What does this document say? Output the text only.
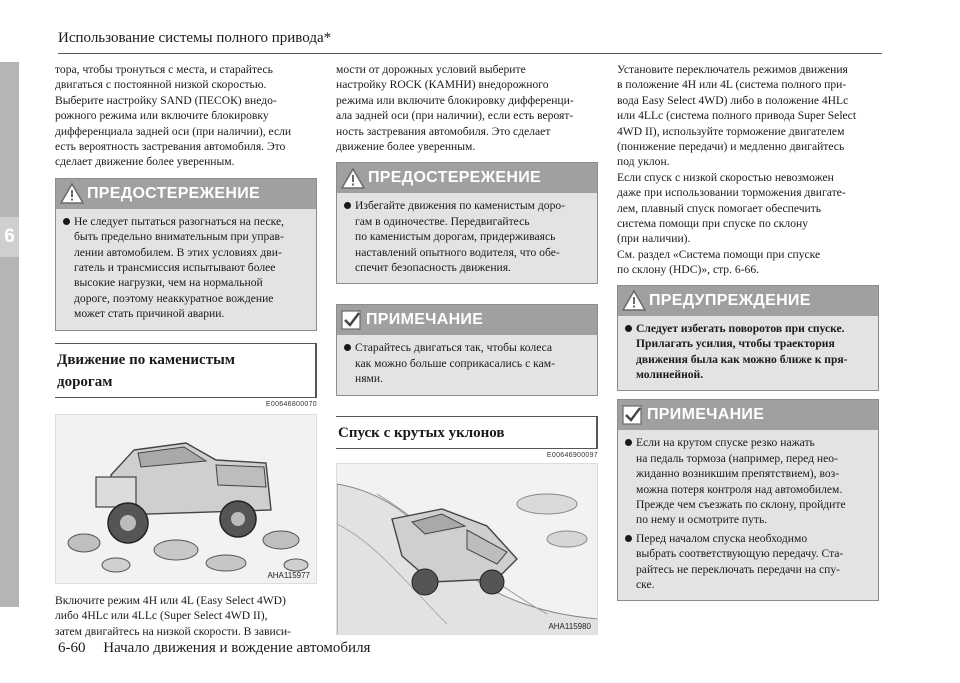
6
Использование системы полного привода*

тора, чтобы тронуться с места, и старайтесь
двигаться с постоянной низкой скоростью.
Выберите настройку SAND (ПЕСОК) внедо-
рожного режима или включите блокировку
дифференциала задней оси (при наличии), если
есть вероятность застревания автомобиля. Это
сделает движение более уверенным.

ПРЕДОСТЕРЕЖЕНИЕ
Не следует пытаться разогнаться на песке,
быть предельно внимательным при управ-
лении автомобилем. В этих условиях дви-
гатель и трансмиссия испытывают более
высокие нагрузки, чем на нормальной
дороге, поэтому неаккуратное вождение
может стать причиной аварии.
Движение по каменистым
дорогам
E00646800070
AHA115977

Включите режим 4H или 4L (Easy Select 4WD)
либо 4HLc или 4LLc (Super Select 4WD II),
затем двигайтесь на низкой скорости. В зависи-

мости от дорожных условий выберите
настройку ROCK (КАМНИ) внедорожного
режима или включите блокировку дифференци-
ала задней оси (при наличии), если есть вероят-
ность застревания автомобиля. Это сделает
движение более уверенным.

ПРЕДОСТЕРЕЖЕНИЕ
Избегайте движения по каменистым доро-
гам в одиночестве. Передвигайтесь
по каменистым дорогам, придерживаясь
наставлений опытного водителя, что обе-
спечит безопасность движения.
ПРИМЕЧАНИЕ
Старайтесь двигаться так, чтобы колеса
как можно больше соприкасались с кам-
нями.
Спуск с крутых уклонов
E00646900097
AHA115980

Установите переключатель режимов движения
в положение 4H или 4L (система полного при-
вода Easy Select 4WD) либо в положение 4HLc
или 4LLc (система полного привода Super Select
4WD II), используйте торможение двигателем
(понижение передачи) и медленно двигайтесь
под уклон.
Если спуск с низкой скоростью невозможен
даже при использовании торможения двигате-
лем, плавный спуск помогает обеспечить
система помощи при спуске по склону
(при наличии).
См. раздел «Система помощи при спуске
по склону (HDC)», стр. 6-66.

ПРЕДУПРЕЖДЕНИЕ
Следует избегать поворотов при спуске.
Прилагать усилия, чтобы траектория
движения была как можно ближе к пря-
молинейной.
ПРИМЕЧАНИЕ
Если на крутом спуске резко нажать
на педаль тормоза (например, перед нео-
жиданно возникшим препятствием), воз-
можна потеря контроля над автомобилем.
Прежде чем съезжать по склону, пройдите
по нему и осмотрите путь.
Перед началом спуска необходимо
выбрать соответствующую передачу. Ста-
райтесь не переключать передачи на спу-
ске.
6-60 Начало движения и вождение автомобиля
